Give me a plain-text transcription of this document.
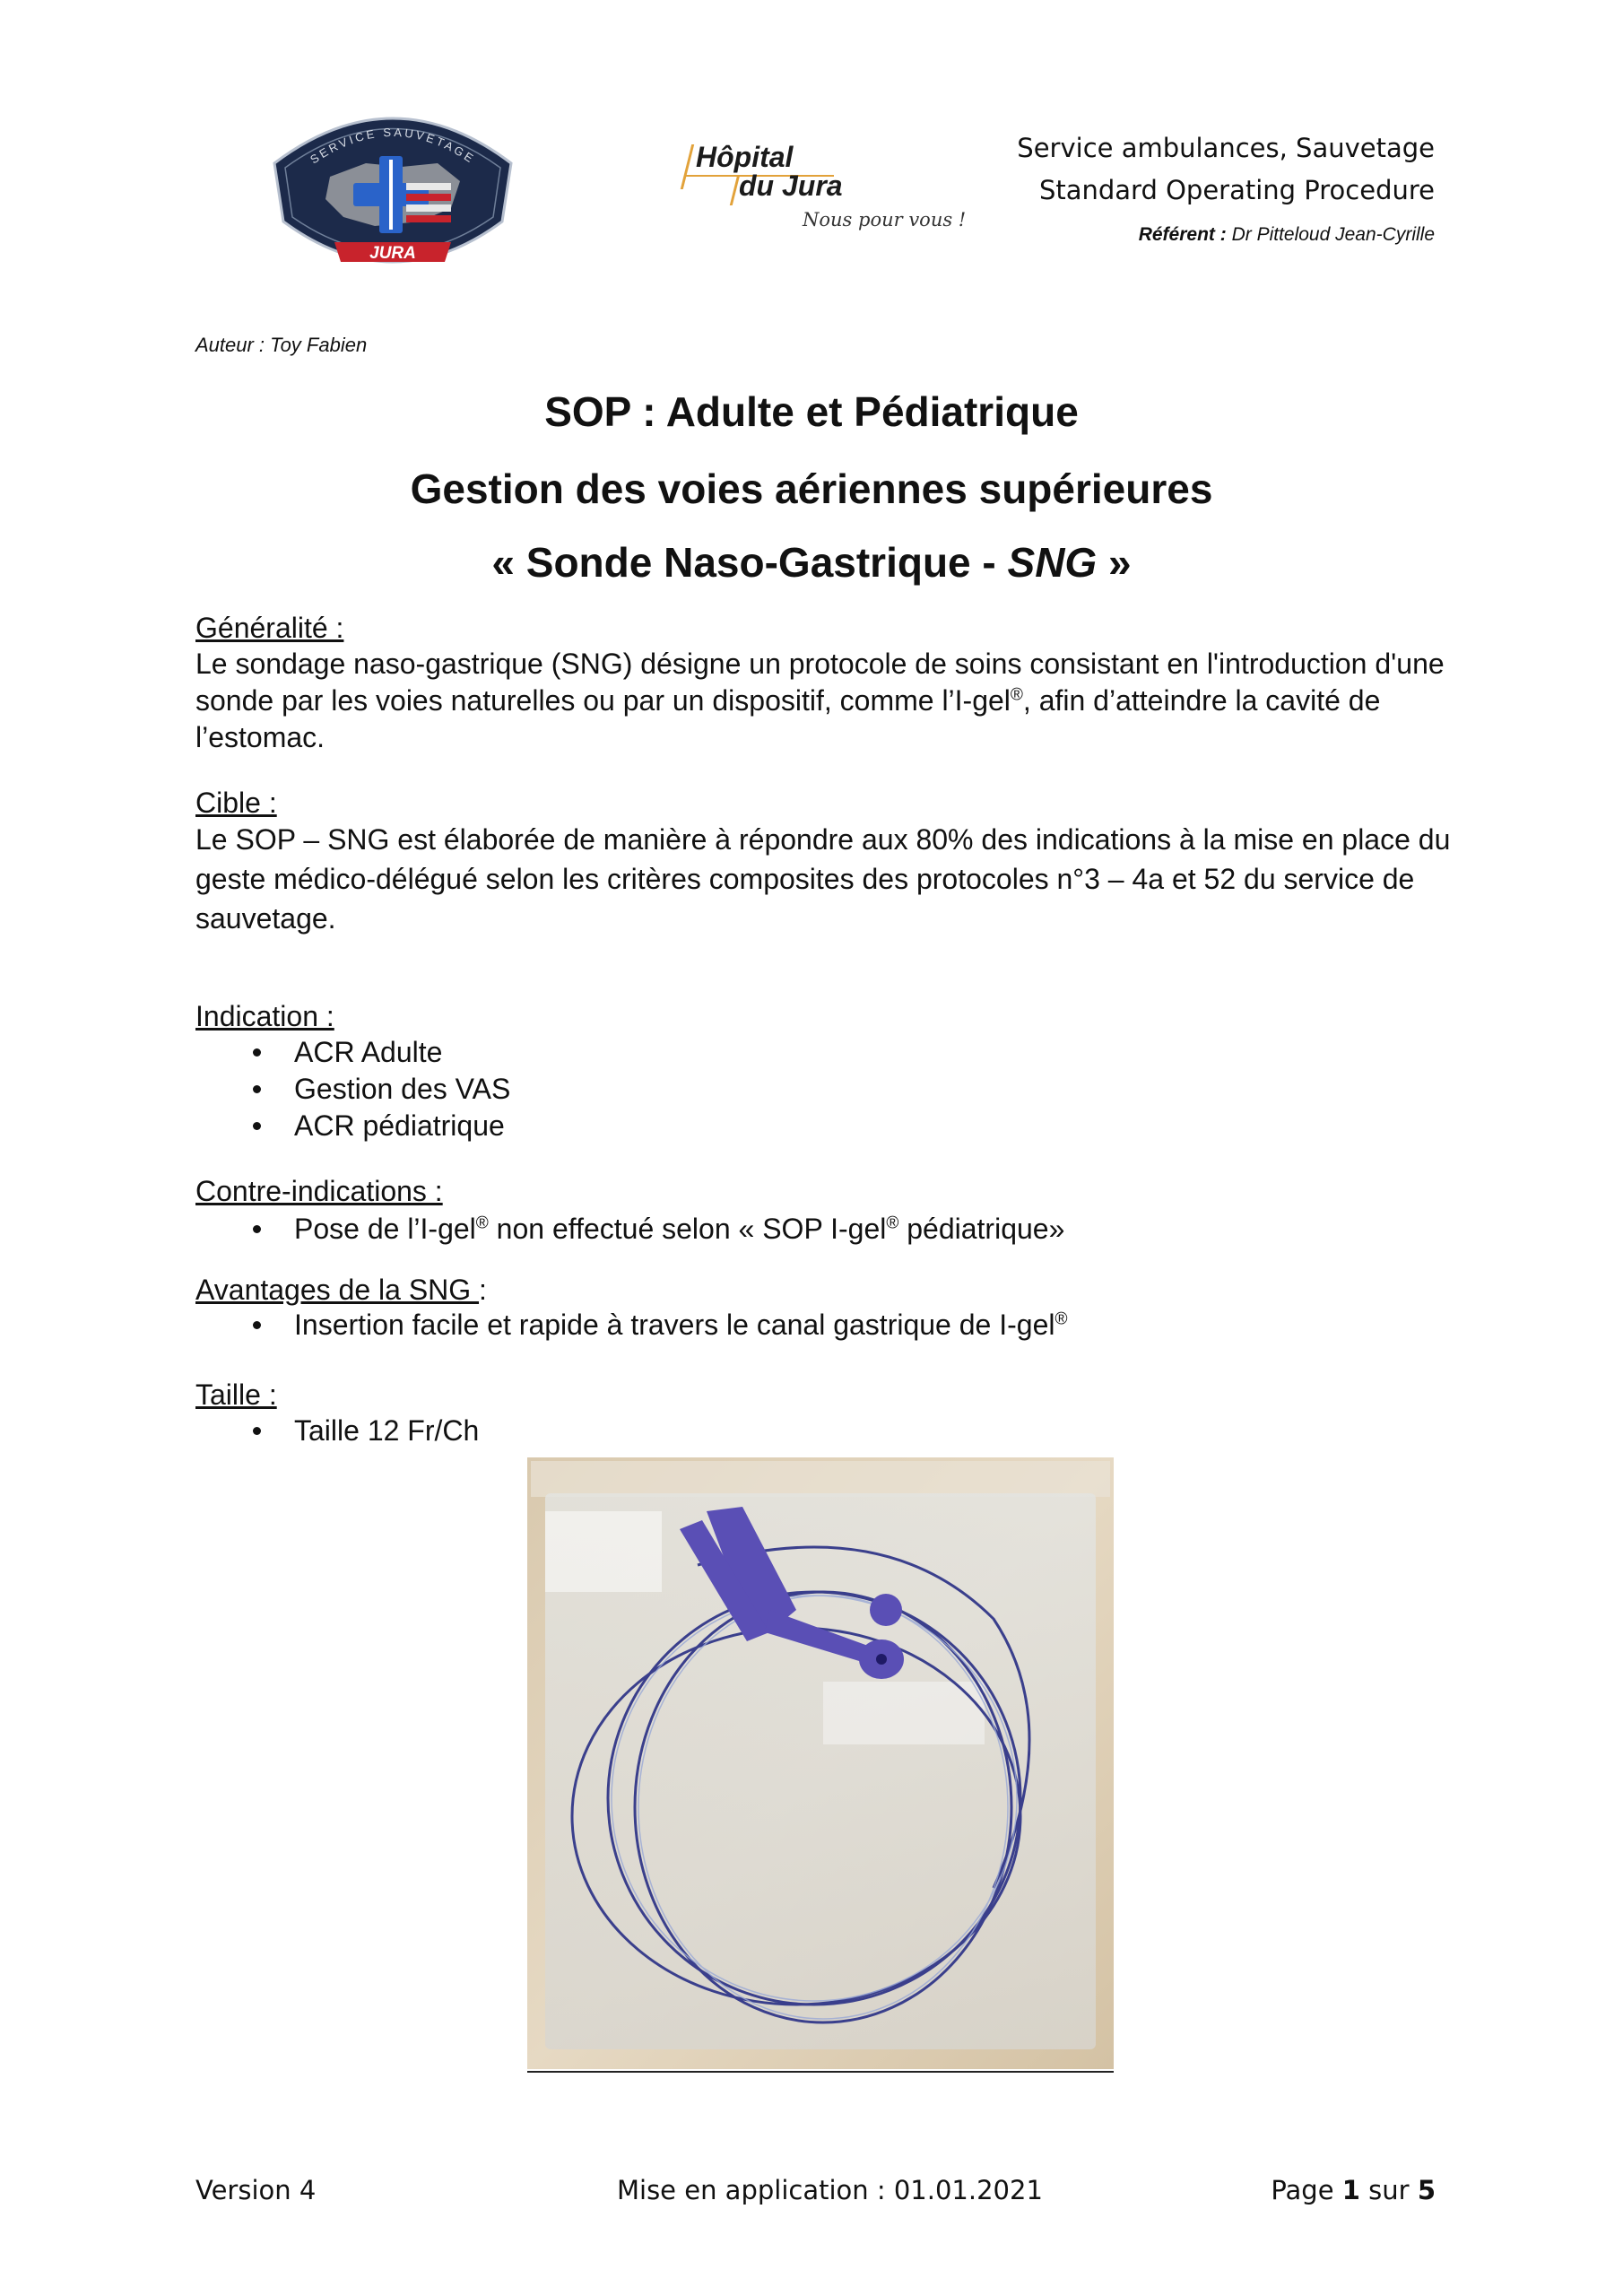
JURA
SERVICE SAUVETAGE	Hôpital
du Jura
Nous pour vous !
Service ambulances, Sauvetage
Standard Operating Procedure
Référent : Dr Pitteloud Jean-Cyrille
Auteur : Toy Fabien
SOP : Adulte et Pédiatrique
Gestion des voies aériennes supérieures
« Sonde Naso-Gastrique - SNG »
Généralité :
Le sondage naso-gastrique (SNG) désigne un protocole de soins consistant en l'introduction d'une sonde par les voies naturelles ou par un dispositif, comme l’I-gel®, afin d’atteindre la cavité de l’estomac.
Cible :
Le SOP – SNG est élaborée de manière à répondre aux 80% des indications à la mise en place du geste médico-délégué selon les critères composites des protocoles n°3 – 4a et 52 du service de sauvetage.
Indication :
ACR Adulte
Gestion des VAS
ACR pédiatrique
Contre-indications :
Pose de l’I-gel® non effectué selon « SOP I-gel® pédiatrique»
Avantages de la SNG :
Insertion facile et rapide à travers le canal gastrique de I-gel®
Taille :
Taille 12 Fr/Ch
Version 4	Mise en application : 01.01.2021	Page 1 sur 5
